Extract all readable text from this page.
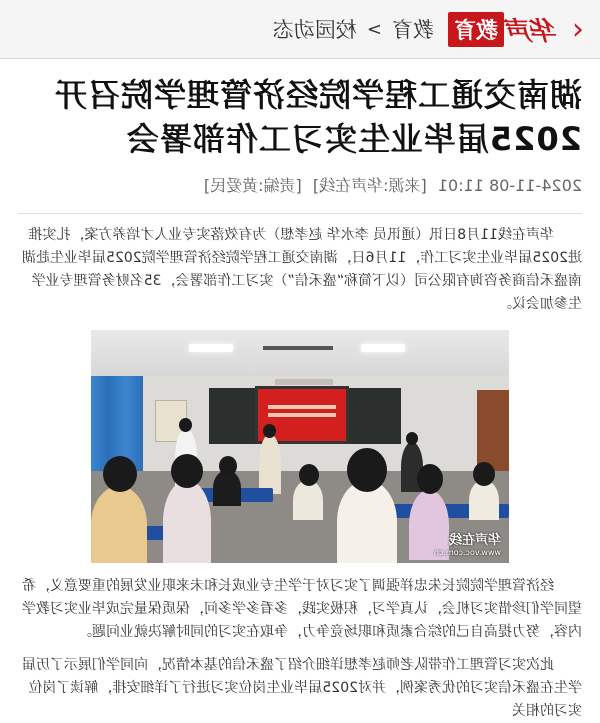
‹
华声
教育
教育
>
校园动态
湖南交通工程学院经济管理学院召开
2025届毕业生实习工作部署会
2024-11-08 11:01 [来源:华声在线] [责编:黄爱民]

华声在线11月8日讯（通讯员 李水华 赵孝想）为有效落实专业人才培养方案，扎实推进2025届毕业生实习工作，11月6日，湖南交通工程学院经济管理学院2025届毕业生赴湖南盛禾信商务咨询有限公司（以下简称“盛禾信”）实习工作部署会，35名财务管理专业学生参加会议。

华声在线
www.voc.com.cn

经济管理学院院长朱忠祥强调了实习对于学生专业成长和未来职业发展的重要意义，希望同学们珍惜实习机会，认真学习，积极实践，多看多学多问，保质保量完成毕业实习教学内容，努力提高自己的综合素质和职场竞争力，争取在实习的同时解决就业问题。

此次实习管理工作带队老师赵孝想详细介绍了盛禾信的基本情况，向同学们展示了历届学生在盛禾信实习的优秀案例，并对2025届毕业生岗位实习进行了详细安排，解读了岗位实习的相关
